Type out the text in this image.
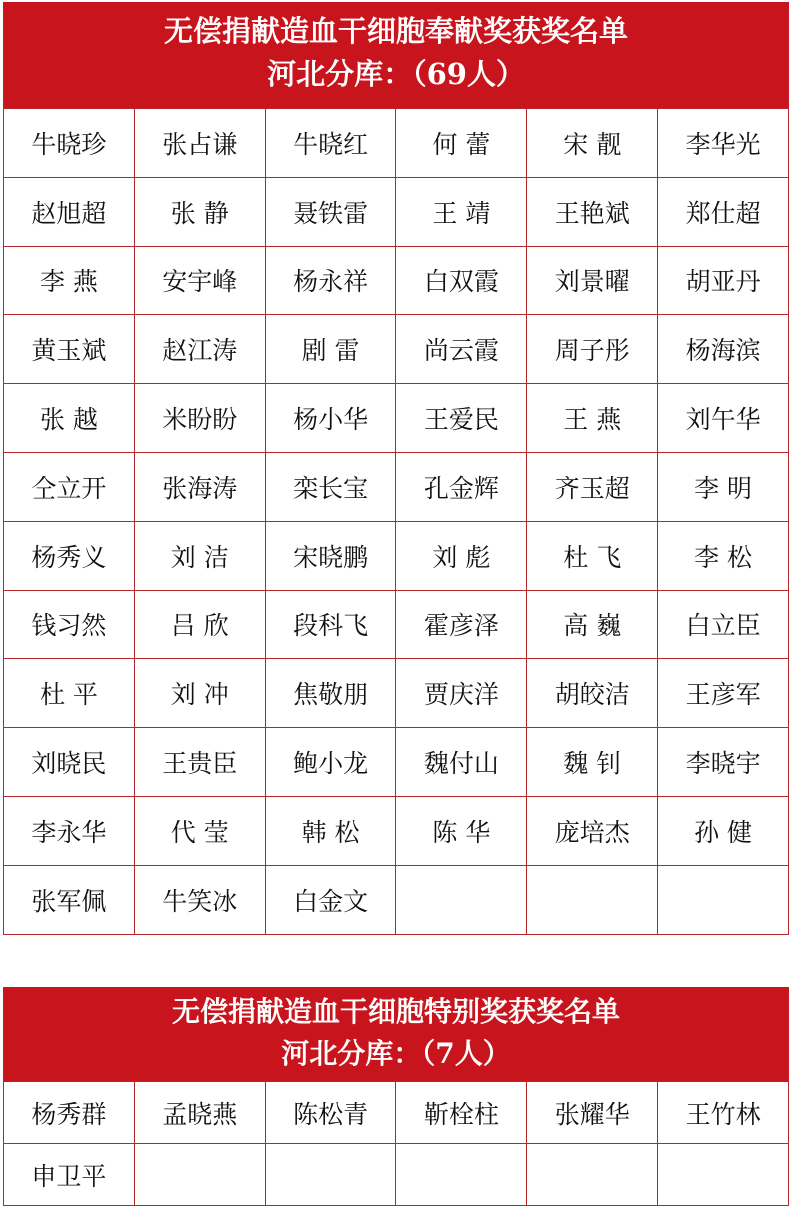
无偿捐献造血干细胞奉献奖获奖名单
河北分库：（69人）
牛晓珍	张占谦	牛晓红	何 蕾	宋 靓	李华光
赵旭超	张 静	聂铁雷	王 靖	王艳斌	郑仕超
李 燕	安宇峰	杨永祥	白双霞	刘景曜	胡亚丹
黄玉斌	赵江涛	剧 雷	尚云霞	周子彤	杨海滨
张 越	米盼盼	杨小华	王爱民	王 燕	刘午华
仝立开	张海涛	栾长宝	孔金辉	齐玉超	李 明
杨秀义	刘 洁	宋晓鹏	刘 彪	杜 飞	李 松
钱习然	吕 欣	段科飞	霍彦泽	高 巍	白立臣
杜 平	刘 冲	焦敬朋	贾庆洋	胡皎洁	王彦军
刘晓民	王贵臣	鲍小龙	魏付山	魏 钊	李晓宇
李永华	代 莹	韩 松	陈 华	庞培杰	孙 健
张军佩	牛笑冰	白金文			
无偿捐献造血干细胞特别奖获奖名单
河北分库：（7人）
杨秀群	孟晓燕	陈松青	靳栓柱	张耀华	王竹林
申卫平					
